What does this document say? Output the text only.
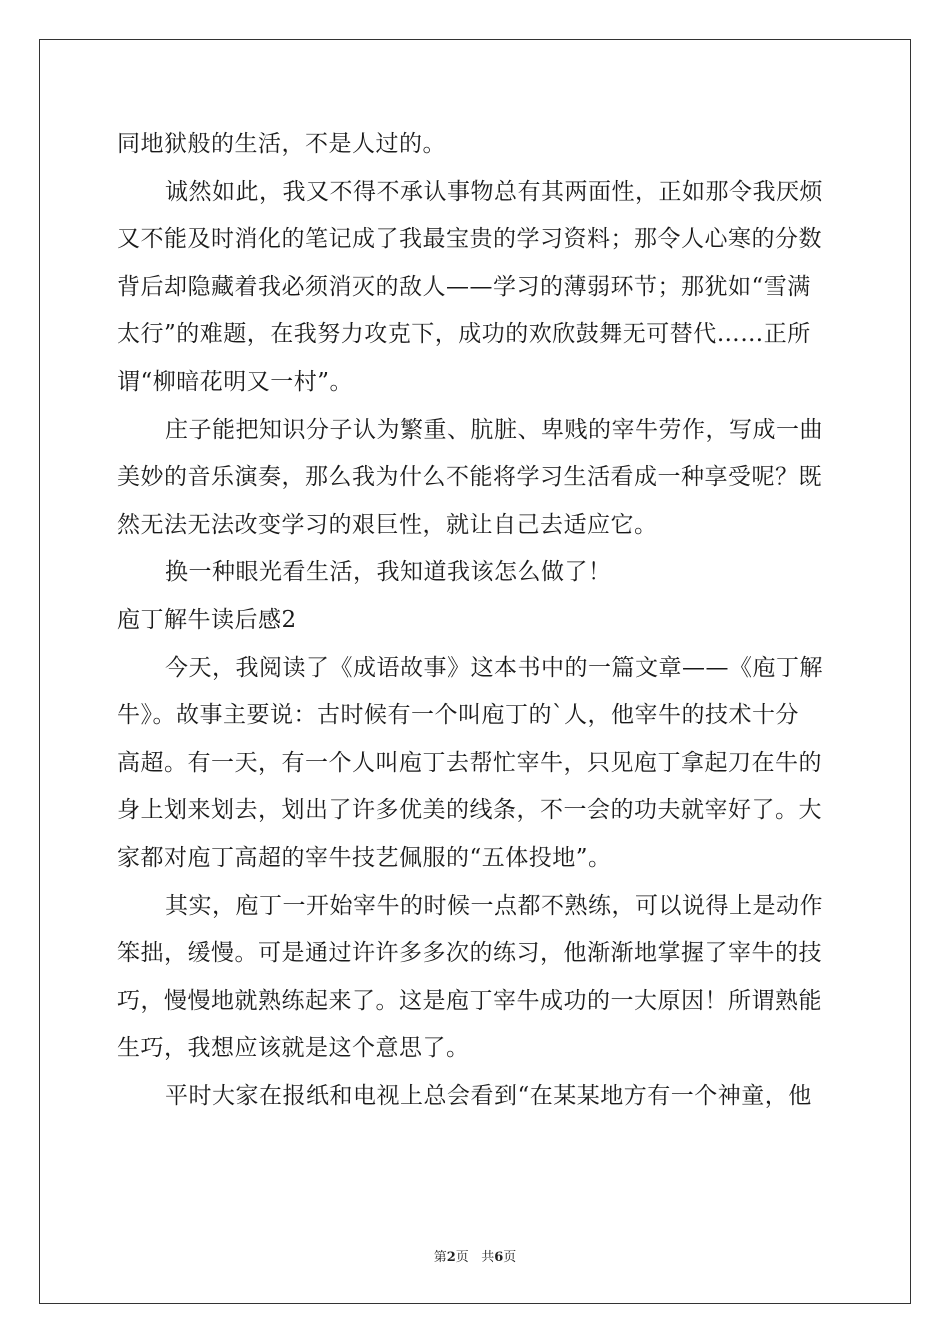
同地狱般的生活，不是人过的。
诚然如此，我又不得不承认事物总有其两面性，正如那令我厌烦
又不能及时消化的笔记成了我最宝贵的学习资料；那令人心寒的分数
背后却隐藏着我必须消灭的敌人——学习的薄弱环节；那犹如“雪满
太行”的难题，在我努力攻克下，成功的欢欣鼓舞无可替代……正所
谓“柳暗花明又一村”。
庄子能把知识分子认为繁重、肮脏、卑贱的宰牛劳作，写成一曲
美妙的音乐演奏，那么我为什么不能将学习生活看成一种享受呢？既
然无法无法改变学习的艰巨性，就让自己去适应它。
换一种眼光看生活，我知道我该怎么做了！
庖丁解牛读后感2
今天，我阅读了《成语故事》这本书中的一篇文章——《庖丁解
牛》。故事主要说：古时候有一个叫庖丁的`人，他宰牛的技术十分
高超。有一天，有一个人叫庖丁去帮忙宰牛，只见庖丁拿起刀在牛的
身上划来划去，划出了许多优美的线条，不一会的功夫就宰好了。大
家都对庖丁高超的宰牛技艺佩服的“五体投地”。
其实，庖丁一开始宰牛的时候一点都不熟练，可以说得上是动作
笨拙，缓慢。可是通过许许多多次的练习，他渐渐地掌握了宰牛的技
巧，慢慢地就熟练起来了。这是庖丁宰牛成功的一大原因！所谓熟能
生巧，我想应该就是这个意思了。
平时大家在报纸和电视上总会看到“在某某地方有一个神童，他
第2页   共6页
